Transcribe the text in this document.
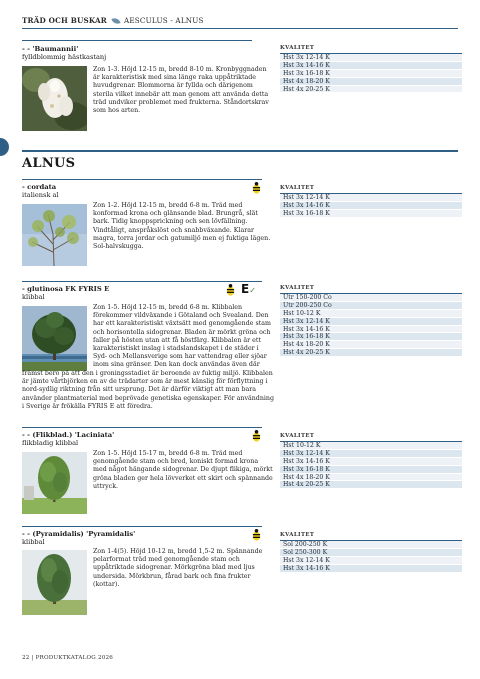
TRÄD OCH BUSKAR AESCULUS - ALNUS
- - 'Baumannii'
fylldblommig hästkastanj
Zon 1-3. Höjd 12-15 m, bredd 8-10 m. Kronbyggnaden är karakteristisk med sina länge raka uppåtriktade huvudgrenar. Blommorna är fyllda och därigenom sterila vilket innebär att man genom att använda detta träd undviker problemet med frukterna. Ståndortskrav som hos arten.
KVALITET
Hst 3x 12-14 K
Hst 3x 14-16 K
Hst 3x 16-18 K
Hst 4x 18-20 K
Hst 4x 20-25 K
ALNUS
- cordata
italiensk al
Zon 1-2. Höjd 12-15 m, bredd 6-8 m. Träd med konformad krona och glänsande blad. Brungrå, slät bark. Tidig knoppsprickning och sen lövfällning. Vindtåligt, anspråkslöst och snabbväxande. Klarar magra, torra jordar och gatumiljö men ej fuktiga lägen. Sol-halvskugga.
KVALITET
Hst 3x 12-14 K
Hst 3x 14-16 K
Hst 3x 16-18 K
E✓
- glutinosa FK FYRIS E
klibbal
Zon 1-5. Höjd 12-15 m, bredd 6-8 m. Klibbalen förekommer vildväxande i Götaland och Svealand. Den har ett karakteristiskt växtsätt med genomgående stam och horisontella sidogrenar. Bladen är mörkt gröna och faller på hösten utan att få höstfärg. Klibbalen är ett karakteristiskt inslag i stadslandskapet i de städer i Syd- och Mellansverige som har vattendrag eller sjöar inom sina gränser. Den kan dock användas även där
främst bero på att den i groningsstadiet är beroende av fuktig miljö. Klibbalen är jämte vårtbjörken en av de trädarter som är mest känslig för förflyttning i nord-sydlig riktning från sitt ursprung. Det är därför viktigt att man bara använder plantmaterial med beprövade genetiska egenskaper. För användning i Sverige är frökälla FYRIS E att föredra.
KVALITET
Utr 150-200 Co
Utr 200-250 Co
Hst 10-12 K
Hst 3x 12-14 K
Hst 3x 14-16 K
Hst 3x 16-18 K
Hst 4x 18-20 K
Hst 4x 20-25 K
- - (Flikblad.) 'Laciniata'
flikbladig klibbal
Zon 1-5. Höjd 15-17 m, bredd 6-8 m. Träd med genomgående stam och bred, koniskt formad krona med något hängande sidogrenar. De djupt flikiga, mörkt gröna bladen ger hela lövverket ett skirt och spännande uttryck.
KVALITET
Hst 10-12 K
Hst 3x 12-14 K
Hst 3x 14-16 K
Hst 3x 16-18 K
Hst 4x 18-20 K
Hst 4x 20-25 K
- - (Pyramidalis) 'Pyramidalis'
klibbal
Zon 1-4(5). Höjd 10-12 m, bredd 1,5-2 m. Spännande pelarformat träd med genomgående stam och uppåtriktade sidogrenar. Mörkgröna blad med ljus undersida. Mörkbrun, fårad bark och fina frukter (kottar).
KVALITET
Sol 200-250 K
Sol 250-300 K
Hst 3x 12-14 K
Hst 3x 14-16 K
22 | PRODUKTKATALOG 2026
